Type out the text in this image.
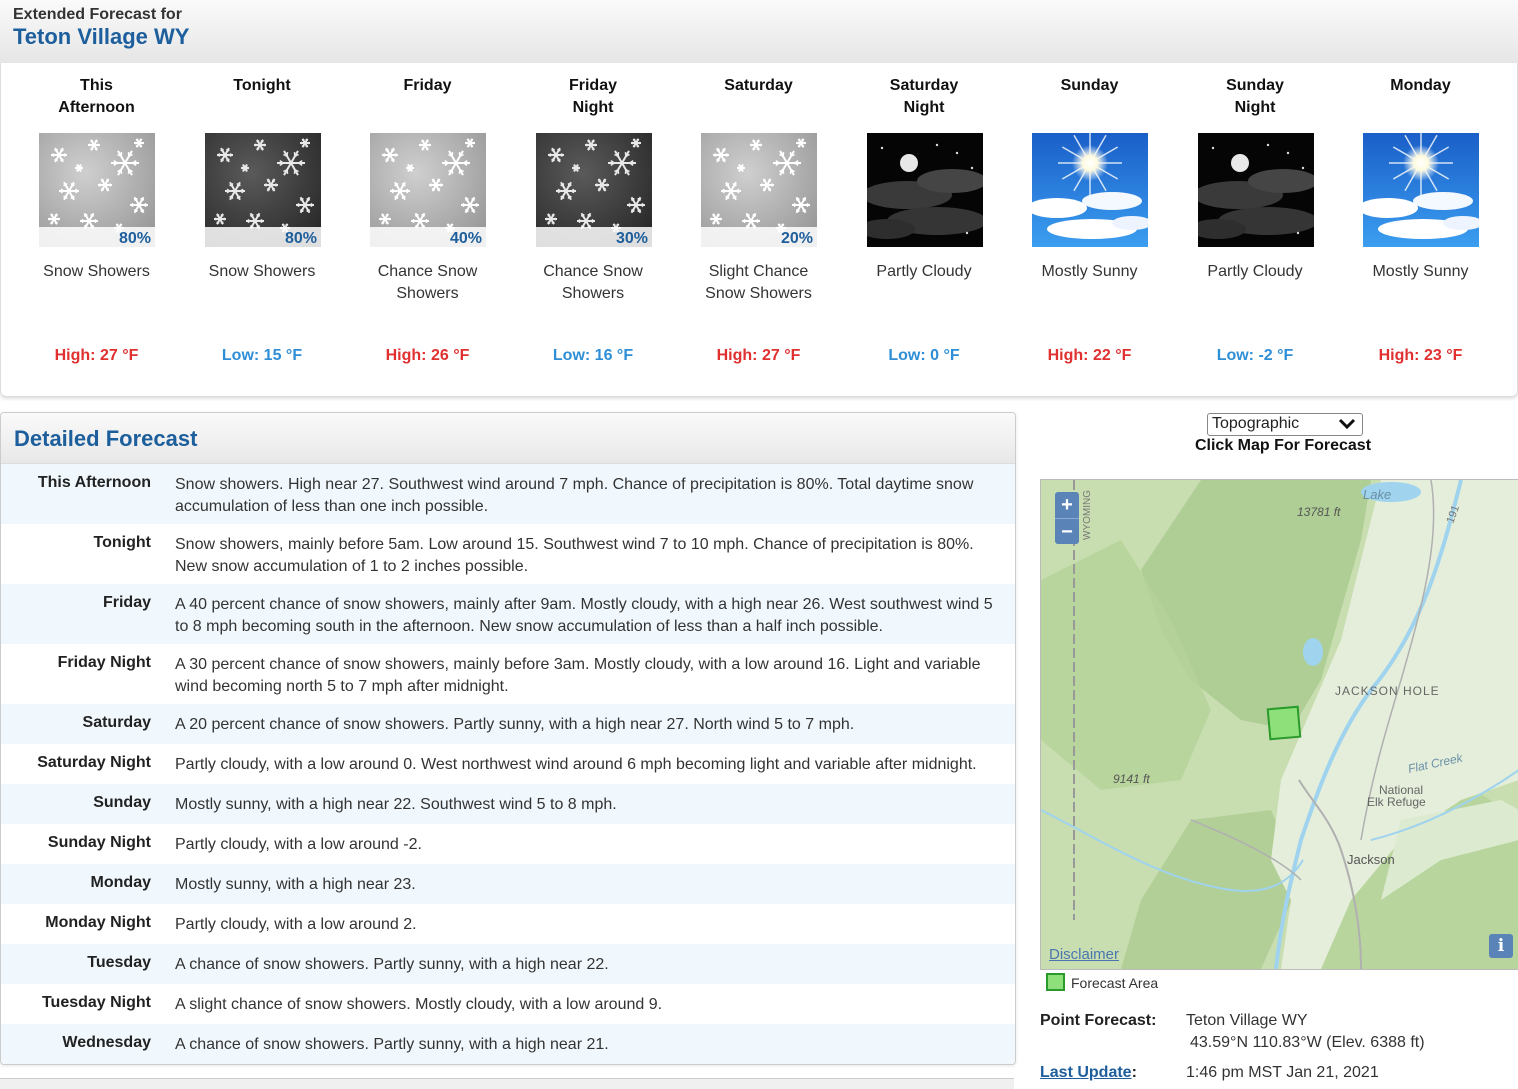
Extended Forecast for
Teton Village WY
This
Afternoon
80%
Snow Showers
High: 27 °F
Tonight
80%
Snow Showers
Low: 15 °F
Friday
40%
Chance Snow
Showers
High: 26 °F
Friday
Night
30%
Chance Snow
Showers
Low: 16 °F
Saturday
20%
Slight Chance
Snow Showers
High: 27 °F
Saturday
Night
Partly Cloudy
Low: 0 °F
Sunday
Mostly Sunny
High: 22 °F
Sunday
Night
Partly Cloudy
Low: -2 °F
Monday
Mostly Sunny
High: 23 °F
Detailed Forecast
This Afternoon Snow showers. High near 27. Southwest wind around 7 mph. Chance of precipitation is 80%. Total daytime snow accumulation of less than one inch possible.
Tonight Snow showers, mainly before 5am. Low around 15. Southwest wind 7 to 10 mph. Chance of precipitation is 80%. New snow accumulation of 1 to 2 inches possible.
Friday A 40 percent chance of snow showers, mainly after 9am. Mostly cloudy, with a high near 26. West southwest wind 5 to 8 mph becoming south in the afternoon. New snow accumulation of less than a half inch possible.
Friday Night A 30 percent chance of snow showers, mainly before 3am. Mostly cloudy, with a low around 16. Light and variable wind becoming north 5 to 7 mph after midnight.
Saturday A 20 percent chance of snow showers. Partly sunny, with a high near 27. North wind 5 to 7 mph.
Saturday Night Partly cloudy, with a low around 0. West northwest wind around 6 mph becoming light and variable after midnight.
Sunday Mostly sunny, with a high near 22. Southwest wind 5 to 8 mph.
Sunday Night Partly cloudy, with a low around -2.
Monday Mostly sunny, with a high near 23.
Monday Night Partly cloudy, with a low around 2.
Tuesday A chance of snow showers. Partly sunny, with a high near 22.
Tuesday Night A slight chance of snow showers. Mostly cloudy, with a low around 9.
Wednesday A chance of snow showers. Partly sunny, with a high near 21.
Topographic
Click Map For Forecast
WYOMING	Lake
13781 ft
JACKSON HOLE
9141 ft
Flat Creek
National
Elk Refuge
Jackson
191
+
−
Disclaimer	i
Forecast Area
Point Forecast: Teton Village WY
43.59°N 110.83°W (Elev. 6388 ft)
Last Update:	1:46 pm MST Jan 21, 2021
